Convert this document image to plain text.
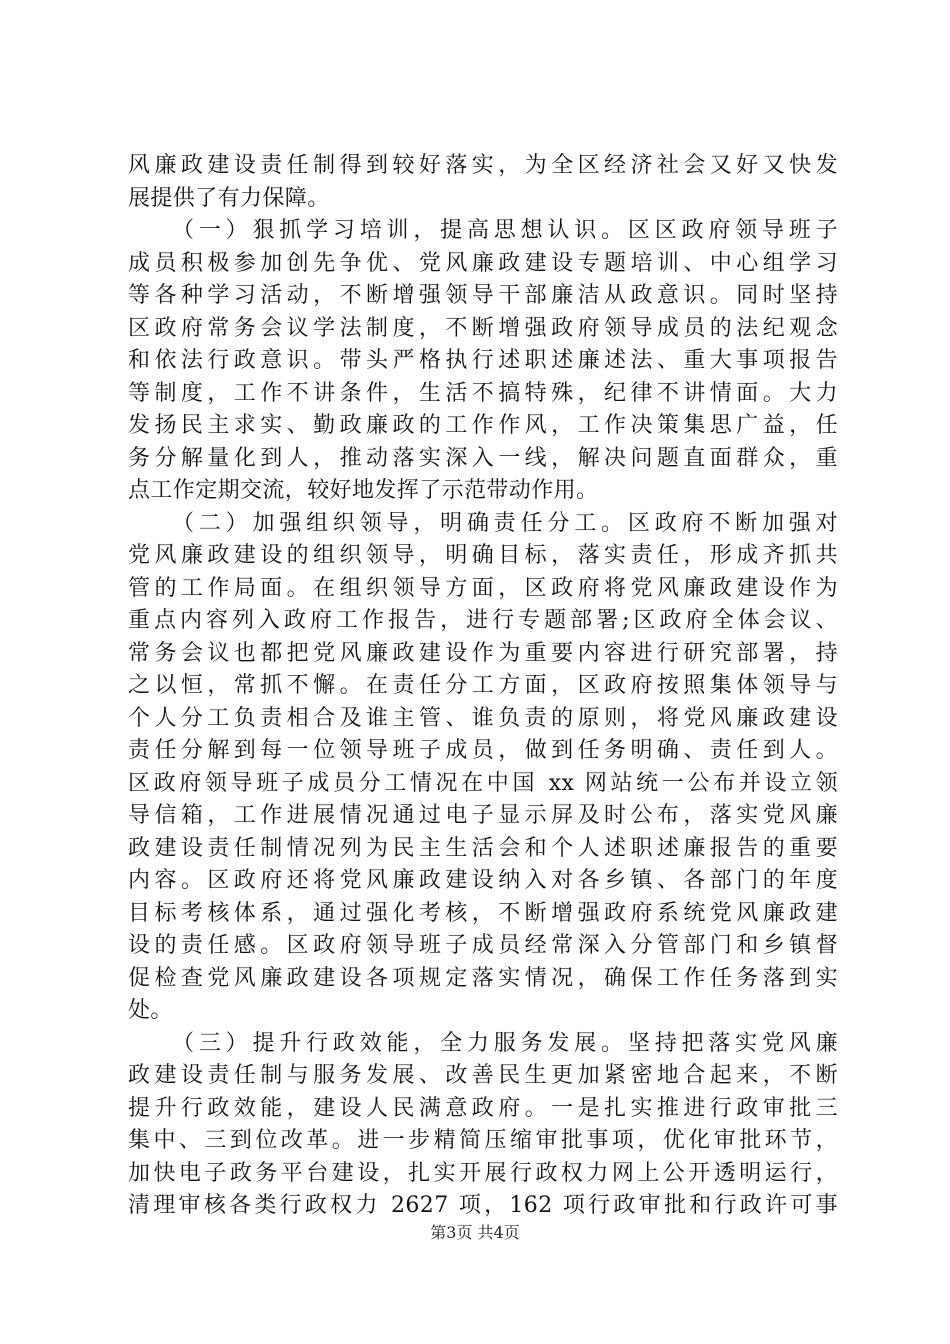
风廉政建设责任制得到较好落实，为全区经济社会又好又快发
展提供了有力保障。
（一）狠抓学习培训，提高思想认识。区区政府领导班子
成员积极参加创先争优、党风廉政建设专题培训、中心组学习
等各种学习活动，不断增强领导干部廉洁从政意识。同时坚持
区政府常务会议学法制度，不断增强政府领导成员的法纪观念
和依法行政意识。带头严格执行述职述廉述法、重大事项报告
等制度，工作不讲条件，生活不搞特殊，纪律不讲情面。大力
发扬民主求实、勤政廉政的工作作风，工作决策集思广益，任
务分解量化到人，推动落实深入一线，解决问题直面群众，重
点工作定期交流，较好地发挥了示范带动作用。
（二）加强组织领导，明确责任分工。区政府不断加强对
党风廉政建设的组织领导，明确目标，落实责任，形成齐抓共
管的工作局面。在组织领导方面，区政府将党风廉政建设作为
重点内容列入政府工作报告，进行专题部署;区政府全体会议、
常务会议也都把党风廉政建设作为重要内容进行研究部署，持
之以恒，常抓不懈。在责任分工方面，区政府按照集体领导与
个人分工负责相合及谁主管、谁负责的原则，将党风廉政建设
责任分解到每一位领导班子成员，做到任务明确、责任到人。
区政府领导班子成员分工情况在中国 xx 网站统一公布并设立领
导信箱，工作进展情况通过电子显示屏及时公布，落实党风廉
政建设责任制情况列为民主生活会和个人述职述廉报告的重要
内容。区政府还将党风廉政建设纳入对各乡镇、各部门的年度
目标考核体系，通过强化考核，不断增强政府系统党风廉政建
设的责任感。区政府领导班子成员经常深入分管部门和乡镇督
促检查党风廉政建设各项规定落实情况，确保工作任务落到实
处。
（三）提升行政效能，全力服务发展。坚持把落实党风廉
政建设责任制与服务发展、改善民生更加紧密地合起来，不断
提升行政效能，建设人民满意政府。一是扎实推进行政审批三
集中、三到位改革。进一步精简压缩审批事项，优化审批环节，
加快电子政务平台建设，扎实开展行政权力网上公开透明运行，
清理审核各类行政权力 2627 项，162 项行政审批和行政许可事
第3页 共4页
